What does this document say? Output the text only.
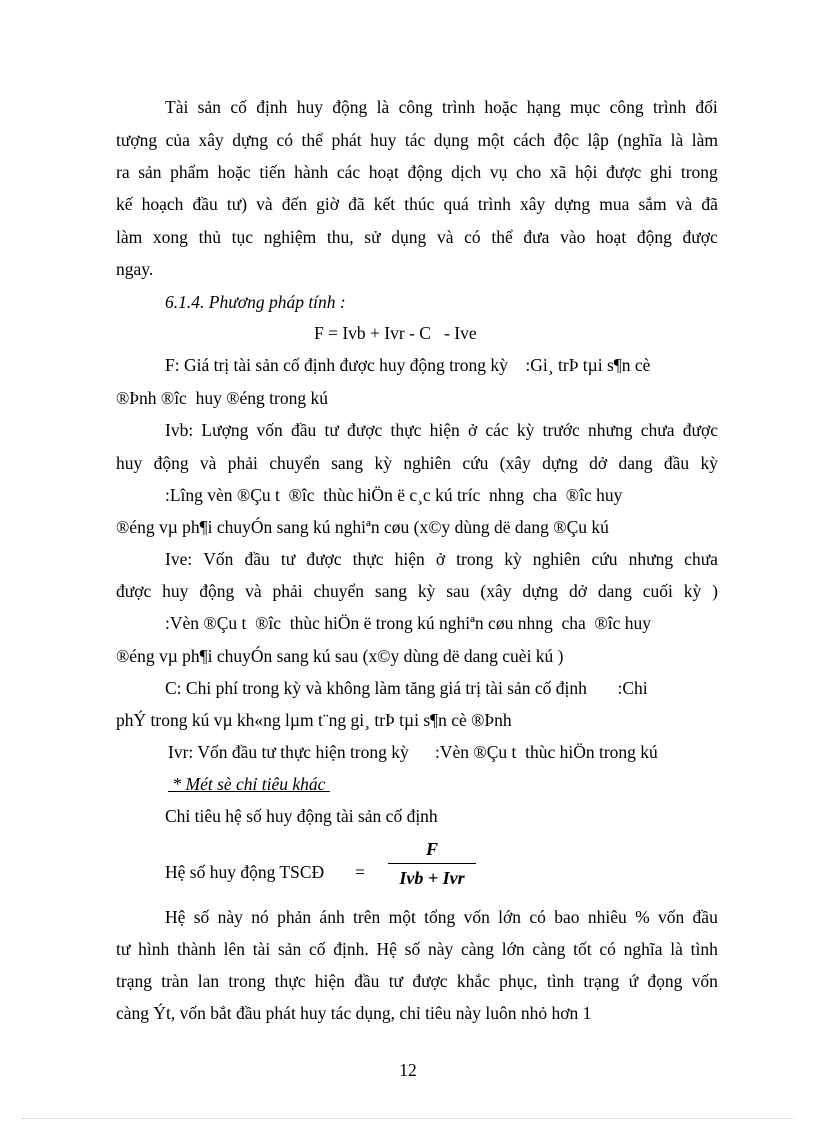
Tài sản cố định huy động là công trình hoặc hạng mục công trình đối
tượng của xây dựng có thể phát huy tác dụng một cách độc lập (nghĩa là làm
ra sản phẩm hoặc tiến hành các hoạt động dịch vụ cho xã hội được ghi trong
kế hoạch đầu tư) và đến giờ đã kết thúc quá trình xây dựng mua sắm và đã
làm xong thủ tục nghiệm thu, sử dụng và có thể đưa vào hoạt động được
ngay.
6.1.4. Phương pháp tính :
F = Ivb + Ivr - C   - Ive
F: Giá trị tài sản cố định được huy động trong kỳ    :Gi¸ trÞ tµi s¶n cè
®Þnh ®îc  huy ®éng trong kú
Ivb: Lượng vốn đầu tư được thực hiện ở các kỳ trước nhưng chưa được
huy động và phải chuyển sang kỳ nghiên cứu (xây dựng dở dang đầu kỳ
:Lîng vèn ®Çu t  ®îc  thùc hiÖn ë c¸c kú tríc  nhng  cha  ®îc huy
®éng vµ ph¶i chuyÓn sang kú nghiªn cøu (x©y dùng dë dang ®Çu kú
Ive: Vốn đầu tư được thực hiện ở trong kỳ nghiên cứu nhưng chưa
được huy động và phải chuyển sang kỳ sau (xây dựng dở dang cuối kỳ )
:Vèn ®Çu t  ®îc  thùc hiÖn ë trong kú nghiªn cøu nhng  cha  ®îc huy
®éng vµ ph¶i chuyÓn sang kú sau (x©y dùng dë dang cuèi kú )
C: Chi phí trong kỳ và không làm tăng giá trị tài sản cố định       :Chi
phÝ trong kú vµ kh«ng lµm t¨ng gi¸ trÞ tµi s¶n cè ®Þnh
Ivr: Vốn đầu tư thực hiện trong kỳ      :Vèn ®Çu t  thùc hiÖn trong kú
* Mét sè chỉ tiêu khác
Chỉ tiêu hệ số huy động tài sản cố định
Hệ số huy động TSCĐ =
F
Ivb + Ivr
Hệ số này nó phản ánh trên một tổng vốn lớn có bao nhiêu % vốn đầu
tư hình thành lên tài sản cố định. Hệ số này càng lớn càng tốt có nghĩa là tình
trạng tràn lan trong thực hiện đầu tư được khắc phục, tình trạng ứ đọng vốn
càng Ýt, vốn bắt đầu phát huy tác dụng, chỉ tiêu này luôn nhỏ hơn 1
12
